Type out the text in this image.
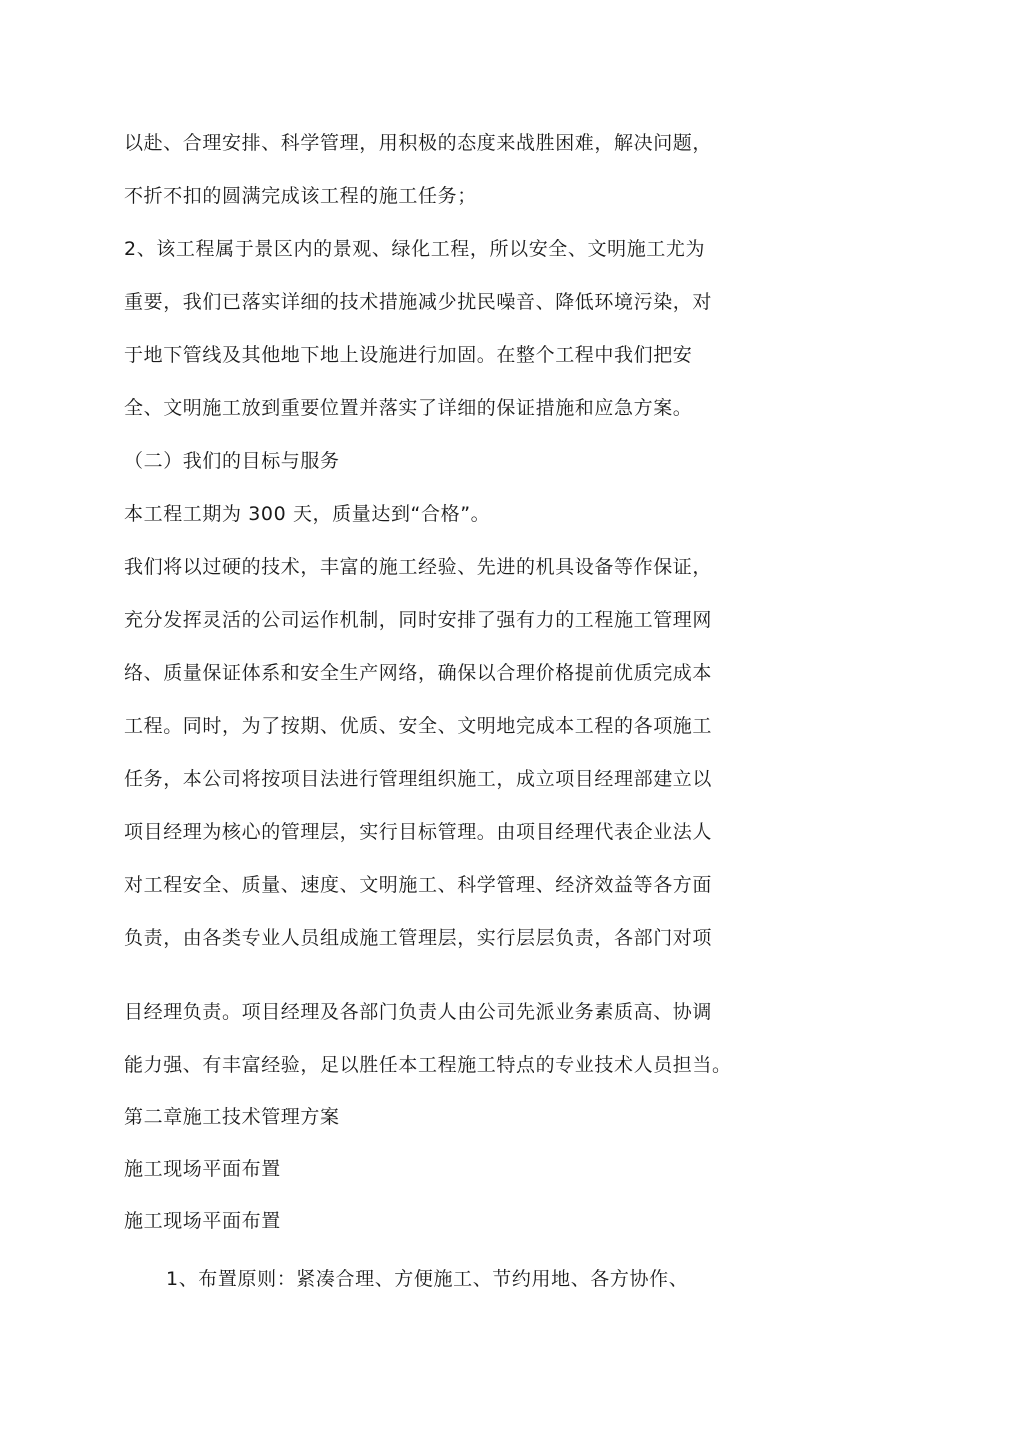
以赴、合理安排、科学管理，用积极的态度来战胜困难，解决问题，
不折不扣的圆满完成该工程的施工任务；
2、该工程属于景区内的景观、绿化工程，所以安全、文明施工尤为
重要，我们已落实详细的技术措施减少扰民噪音、降低环境污染，对
于地下管线及其他地下地上设施进行加固。在整个工程中我们把安
全、文明施工放到重要位置并落实了详细的保证措施和应急方案。
（二）我们的目标与服务
本工程工期为 300 天，质量达到“合格”。
我们将以过硬的技术，丰富的施工经验、先进的机具设备等作保证，
充分发挥灵活的公司运作机制，同时安排了强有力的工程施工管理网
络、质量保证体系和安全生产网络，确保以合理价格提前优质完成本
工程。同时，为了按期、优质、安全、文明地完成本工程的各项施工
任务，本公司将按项目法进行管理组织施工，成立项目经理部建立以
项目经理为核心的管理层，实行目标管理。由项目经理代表企业法人
对工程安全、质量、速度、文明施工、科学管理、经济效益等各方面
负责，由各类专业人员组成施工管理层，实行层层负责，各部门对项
目经理负责。项目经理及各部门负责人由公司先派业务素质高、协调
能力强、有丰富经验，足以胜任本工程施工特点的专业技术人员担当。
第二章施工技术管理方案
施工现场平面布置
施工现场平面布置
1、布置原则：紧凑合理、方便施工、节约用地、各方协作、
